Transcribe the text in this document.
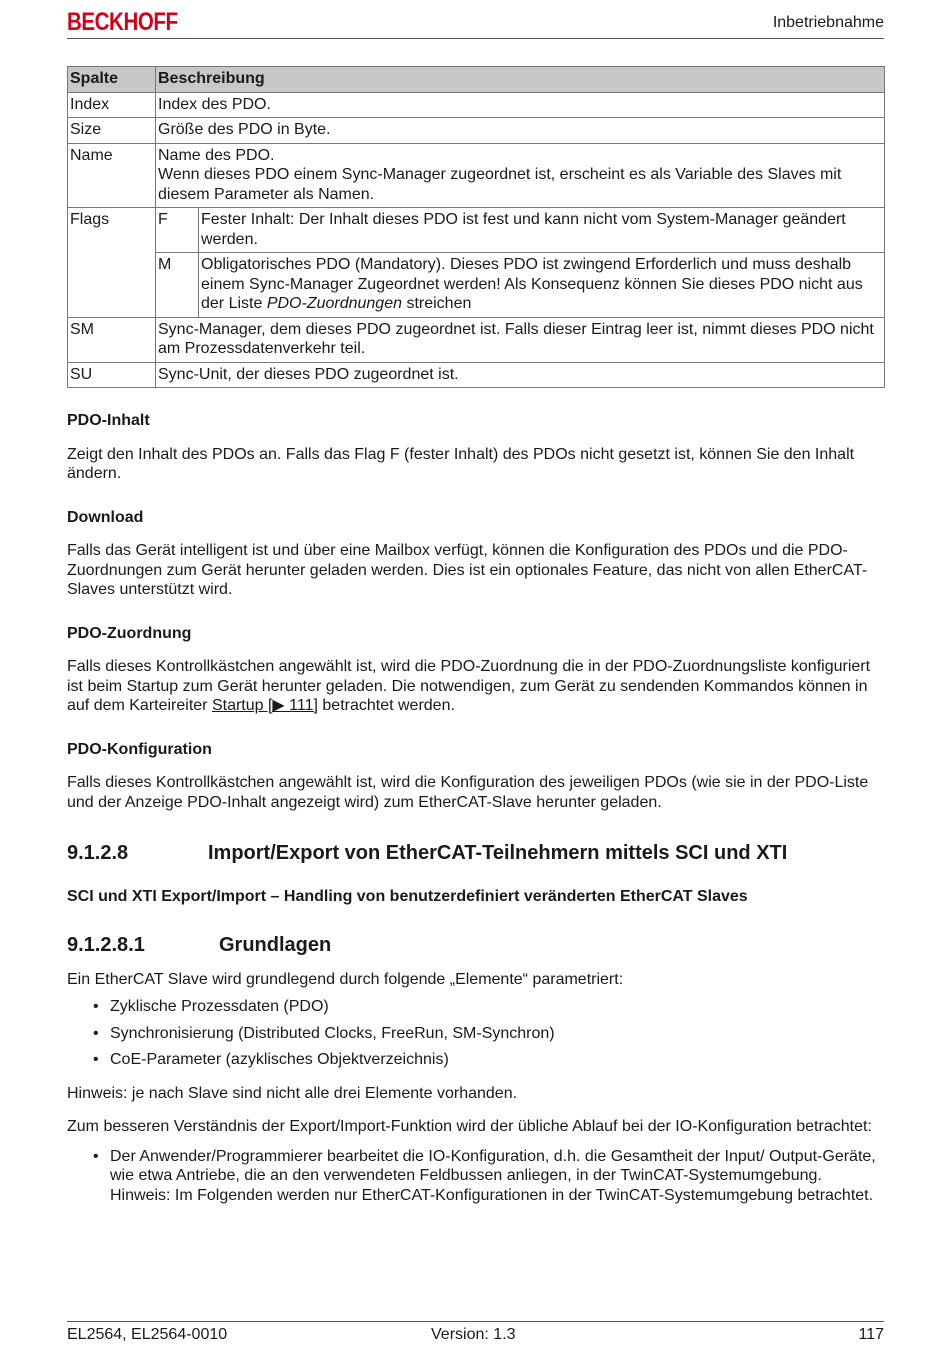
BECKHOFF	Inbetriebnahme
Spalte	Beschreibung
Index	Index des PDO.
Size	Größe des PDO in Byte.
Name	Name des PDO.
Wenn dieses PDO einem Sync-Manager zugeordnet ist, erscheint es als Variable des Slaves mit diesem Parameter als Namen.

Flags		F	Fester Inhalt: Der Inhalt dieses PDO ist fest und kann nicht vom System-Manager geändert werden.
M	Obligatorisches PDO (Mandatory). Dieses PDO ist zwingend Erforderlich und muss deshalb einem Sync-Manager Zugeordnet werden! Als Konsequenz können Sie dieses PDO nicht aus der Liste PDO-Zuordnungen streichen

SM	Sync-Manager, dem dieses PDO zugeordnet ist. Falls dieser Eintrag leer ist, nimmt dieses PDO nicht am Prozessdatenverkehr teil.
SU	Sync-Unit, der dieses PDO zugeordnet ist.
PDO-Inhalt

Zeigt den Inhalt des PDOs an. Falls das Flag F (fester Inhalt) des PDOs nicht gesetzt ist, können Sie den Inhalt ändern.

Download

Falls das Gerät intelligent ist und über eine Mailbox verfügt, können die Konfiguration des PDOs und die PDO-Zuordnungen zum Gerät herunter geladen werden. Dies ist ein optionales Feature, das nicht von allen EtherCAT-Slaves unterstützt wird.

PDO-Zuordnung

Falls dieses Kontrollkästchen angewählt ist, wird die PDO-Zuordnung die in der PDO-Zuordnungsliste konfiguriert ist beim Startup zum Gerät herunter geladen. Die notwendigen, zum Gerät zu sendenden Kommandos können in auf dem Karteireiter Startup [▶ 111] betrachtet werden.

PDO-Konfiguration

Falls dieses Kontrollkästchen angewählt ist, wird die Konfiguration des jeweiligen PDOs (wie sie in der PDO-Liste und der Anzeige PDO-Inhalt angezeigt wird) zum EtherCAT-Slave herunter geladen.

9.1.2.8	Import/Export von EtherCAT-Teilnehmern mittels SCI und XTI

SCI und XTI Export/Import – Handling von benutzerdefiniert veränderten EtherCAT Slaves

9.1.2.8.1	Grundlagen

Ein EtherCAT Slave wird grundlegend durch folgende „Elemente“ parametriert:

• Zyklische Prozessdaten (PDO)
• Synchronisierung (Distributed Clocks, FreeRun, SM-Synchron)
• CoE-Parameter (azyklisches Objektverzeichnis)

Hinweis: je nach Slave sind nicht alle drei Elemente vorhanden.

Zum besseren Verständnis der Export/Import-Funktion wird der übliche Ablauf bei der IO-Konfiguration betrachtet:

• Der Anwender/Programmierer bearbeitet die IO-Konfiguration, d.h. die Gesamtheit der Input/ Output-Geräte, wie etwa Antriebe, die an den verwendeten Feldbussen anliegen, in der TwinCAT-Systemumgebung.
Hinweis: Im Folgenden werden nur EtherCAT-Konfigurationen in der TwinCAT-Systemumgebung betrachtet.
EL2564, EL2564-0010	Version: 1.3	117
